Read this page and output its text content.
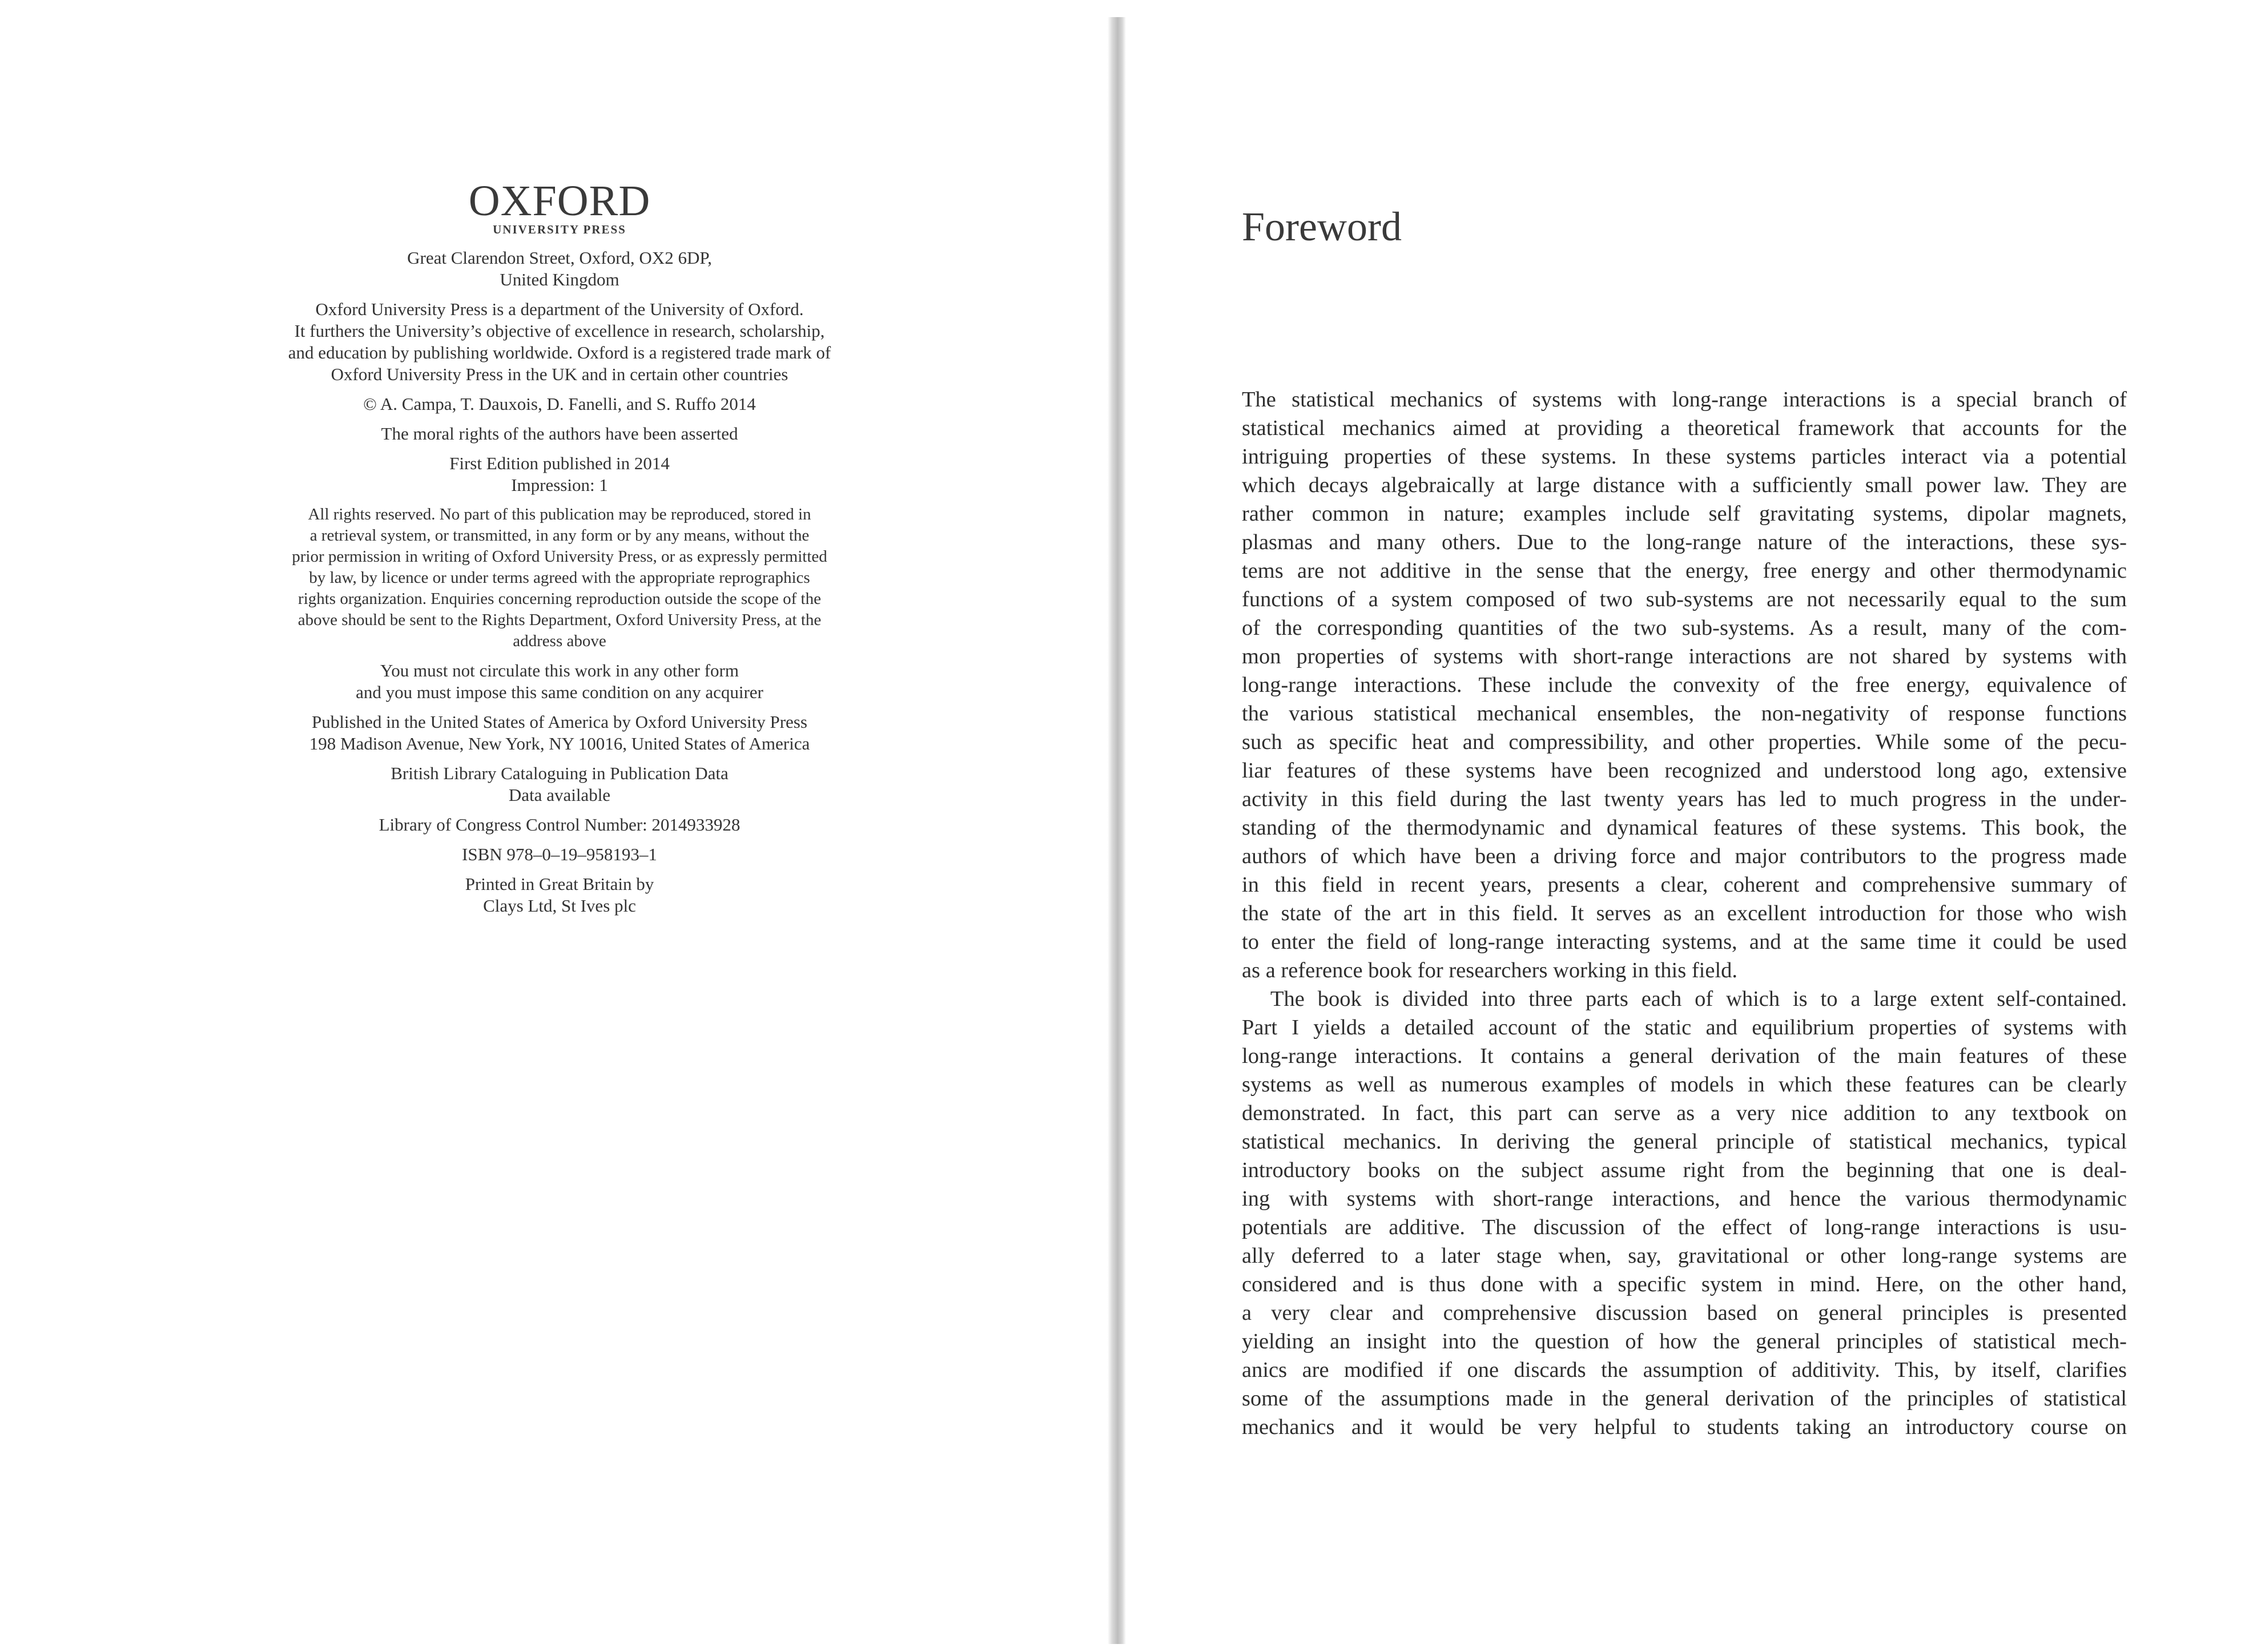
OXFORD
UNIVERSITY PRESS

Great Clarendon Street, Oxford, OX2 6DP,
United Kingdom

Oxford University Press is a department of the University of Oxford.
It furthers the University’s objective of excellence in research, scholarship,
and education by publishing worldwide. Oxford is a registered trade mark of
Oxford University Press in the UK and in certain other countries

© A. Campa, T. Dauxois, D. Fanelli, and S. Ruffo 2014

The moral rights of the authors have been asserted

First Edition published in 2014
Impression: 1

All rights reserved. No part of this publication may be reproduced, stored in
a retrieval system, or transmitted, in any form or by any means, without the
prior permission in writing of Oxford University Press, or as expressly permitted
by law, by licence or under terms agreed with the appropriate reprographics
rights organization. Enquiries concerning reproduction outside the scope of the
above should be sent to the Rights Department, Oxford University Press, at the
address above

You must not circulate this work in any other form
and you must impose this same condition on any acquirer

Published in the United States of America by Oxford University Press
198 Madison Avenue, New York, NY 10016, United States of America

British Library Cataloguing in Publication Data
Data available

Library of Congress Control Number: 2014933928

ISBN 978–0–19–958193–1

Printed in Great Britain by
Clays Ltd, St Ives plc

Foreword
The statistical mechanics of systems with long-range interactions is a special branch of
statistical mechanics aimed at providing a theoretical framework that accounts for the
intriguing properties of these systems. In these systems particles interact via a potential
which decays algebraically at large distance with a sufficiently small power law. They are
rather common in nature; examples include self gravitating systems, dipolar magnets,
plasmas and many others. Due to the long-range nature of the interactions, these sys-
tems are not additive in the sense that the energy, free energy and other thermodynamic
functions of a system composed of two sub-systems are not necessarily equal to the sum
of the corresponding quantities of the two sub-systems. As a result, many of the com-
mon properties of systems with short-range interactions are not shared by systems with
long-range interactions. These include the convexity of the free energy, equivalence of
the various statistical mechanical ensembles, the non-negativity of response functions
such as specific heat and compressibility, and other properties. While some of the pecu-
liar features of these systems have been recognized and understood long ago, extensive
activity in this field during the last twenty years has led to much progress in the under-
standing of the thermodynamic and dynamical features of these systems. This book, the
authors of which have been a driving force and major contributors to the progress made
in this field in recent years, presents a clear, coherent and comprehensive summary of
the state of the art in this field. It serves as an excellent introduction for those who wish
to enter the field of long-range interacting systems, and at the same time it could be used
as a reference book for researchers working in this field.
The book is divided into three parts each of which is to a large extent self-contained.
Part I yields a detailed account of the static and equilibrium properties of systems with
long-range interactions. It contains a general derivation of the main features of these
systems as well as numerous examples of models in which these features can be clearly
demonstrated. In fact, this part can serve as a very nice addition to any textbook on
statistical mechanics. In deriving the general principle of statistical mechanics, typical
introductory books on the subject assume right from the beginning that one is deal-
ing with systems with short-range interactions, and hence the various thermodynamic
potentials are additive. The discussion of the effect of long-range interactions is usu-
ally deferred to a later stage when, say, gravitational or other long-range systems are
considered and is thus done with a specific system in mind. Here, on the other hand,
a very clear and comprehensive discussion based on general principles is presented
yielding an insight into the question of how the general principles of statistical mech-
anics are modified if one discards the assumption of additivity. This, by itself, clarifies
some of the assumptions made in the general derivation of the principles of statistical
mechanics and it would be very helpful to students taking an introductory course on
